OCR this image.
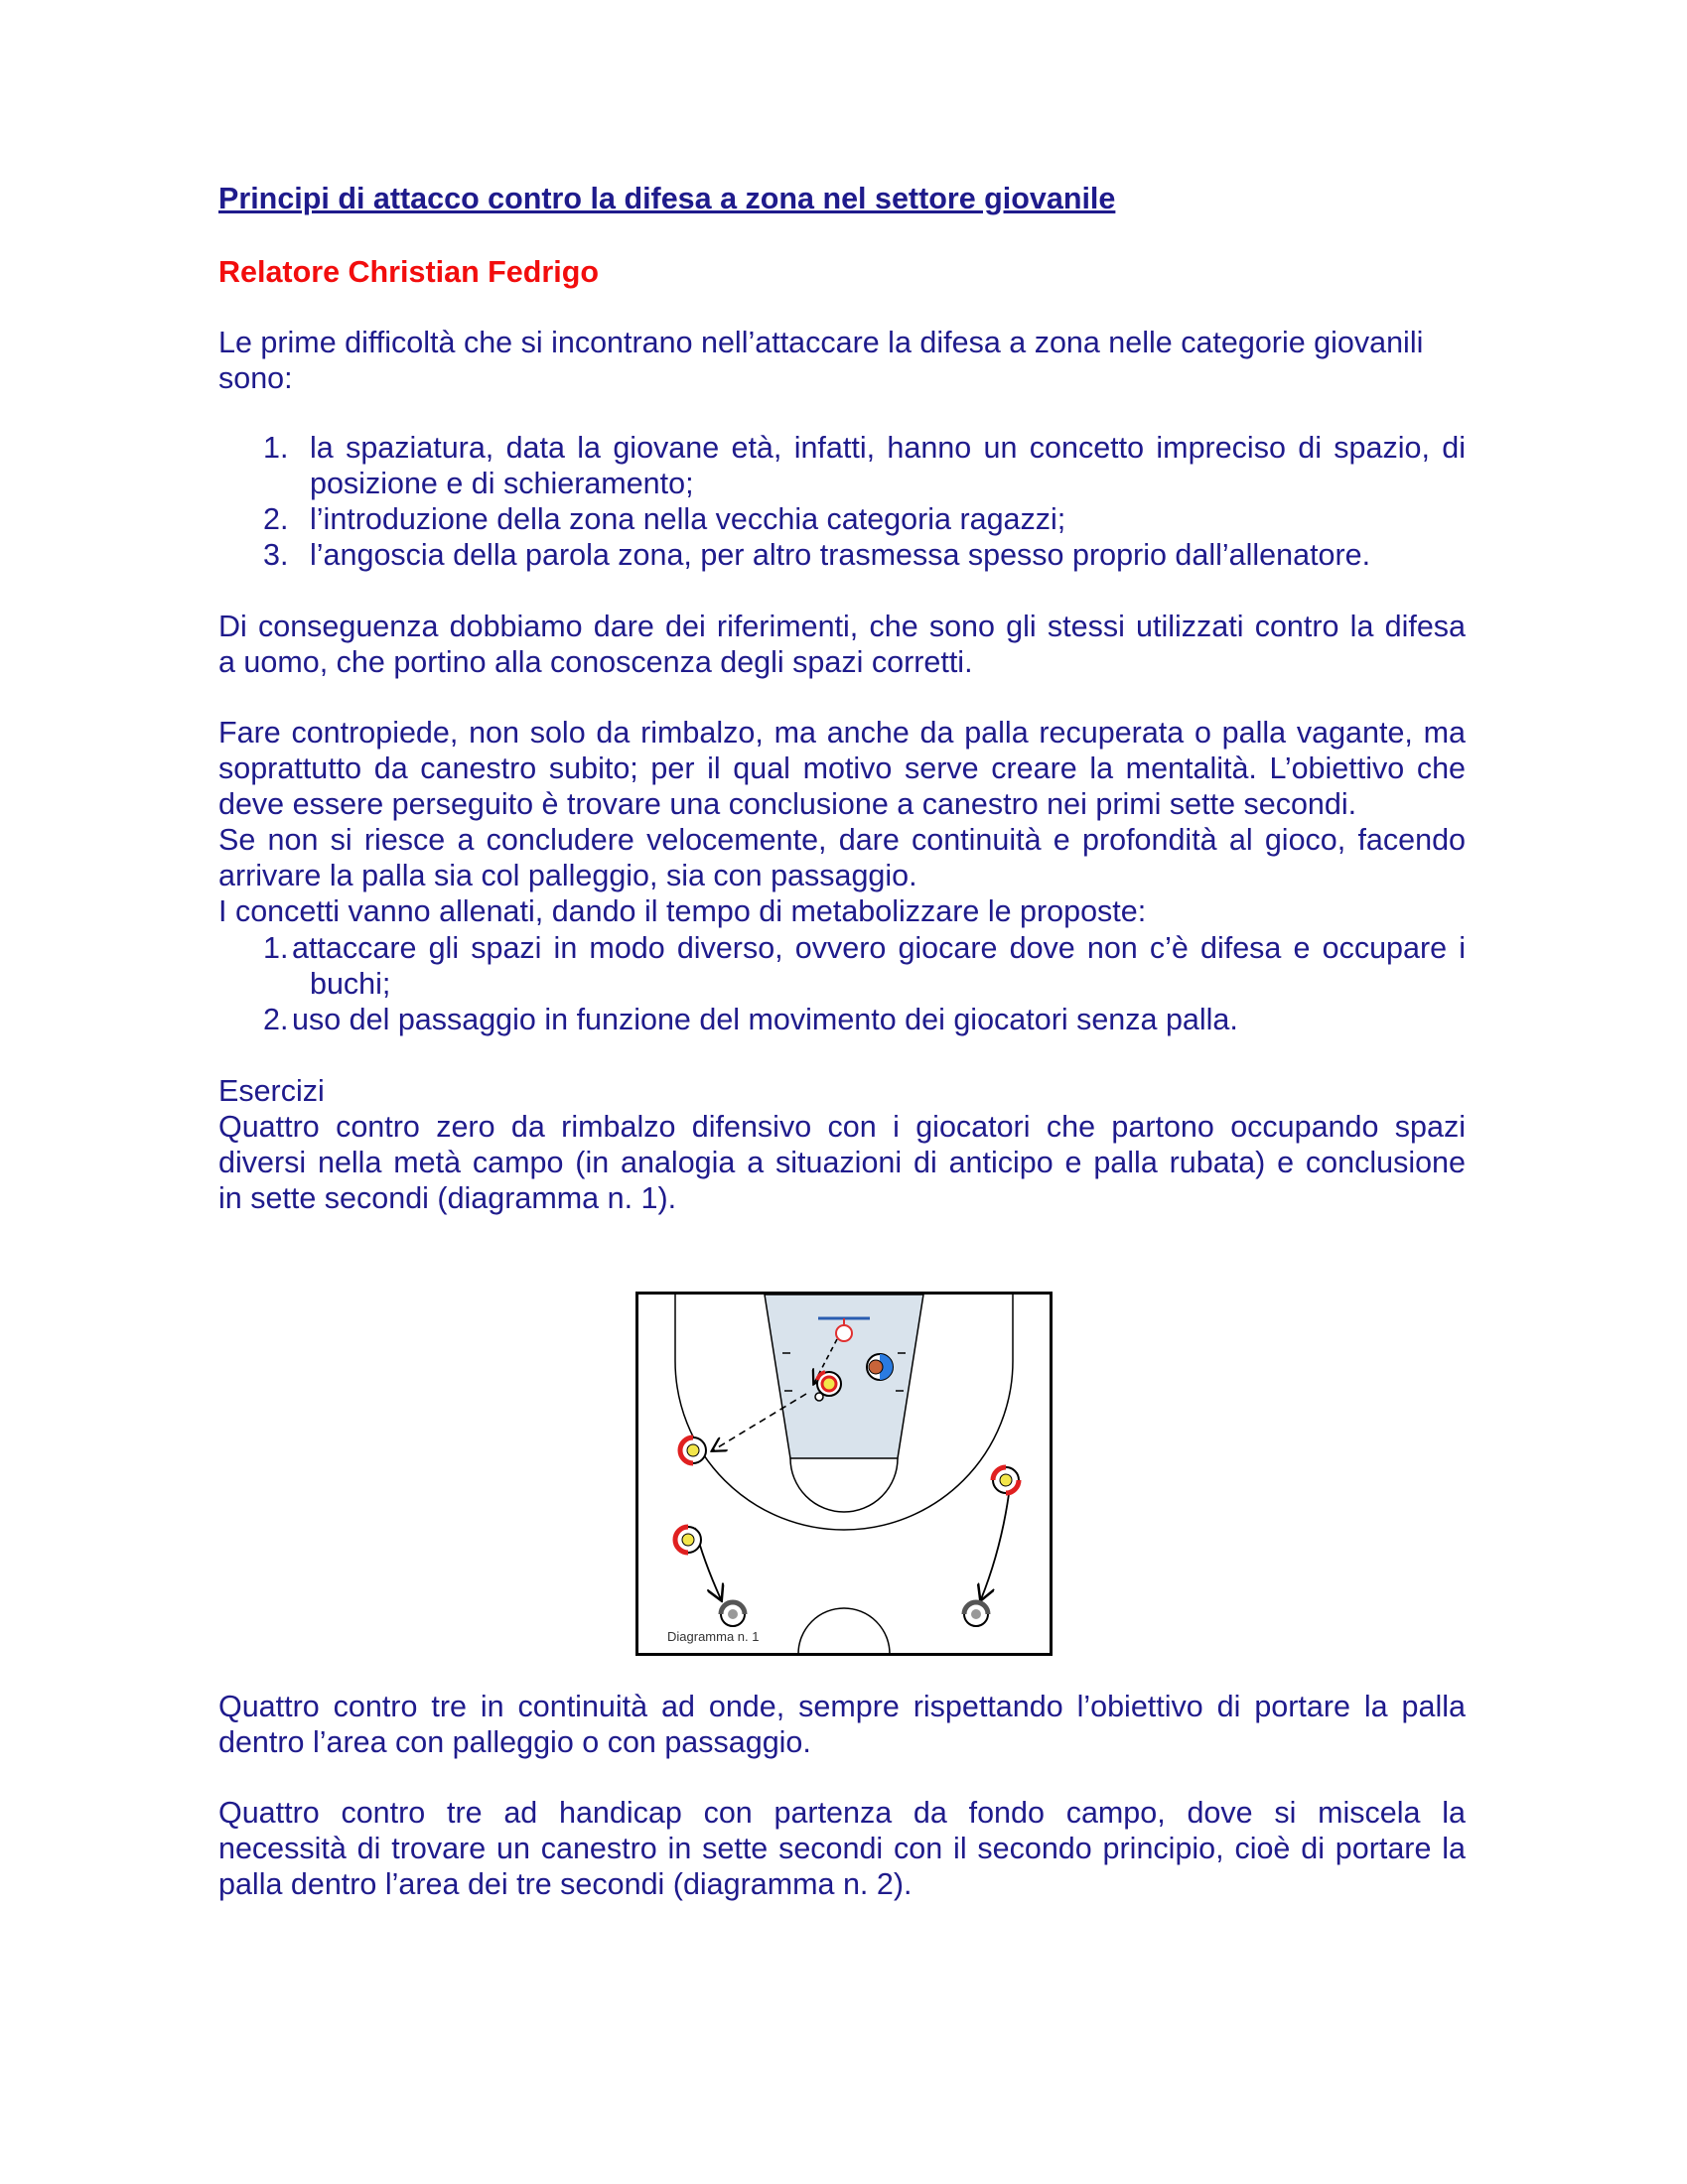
Principi di attacco contro la difesa a zona nel settore giovanile
Relatore Christian Fedrigo
Le prime difficoltà che si incontrano nell’attaccare la difesa a zona nelle categorie giovanili
sono:
1. la spaziatura, data la giovane età, infatti, hanno un concetto impreciso di spazio, di
posizione e di schieramento;
2. l’introduzione della zona nella vecchia categoria ragazzi;
3. l’angoscia della parola zona, per altro trasmessa spesso proprio dall’allenatore.
Di conseguenza dobbiamo dare dei riferimenti, che sono gli stessi utilizzati contro la difesa
a uomo, che portino alla conoscenza degli spazi corretti.
Fare contropiede, non solo da rimbalzo, ma anche da palla recuperata o palla vagante, ma
soprattutto da canestro subito; per il qual motivo serve creare la mentalità. L’obiettivo che
deve essere perseguito è trovare una conclusione a canestro nei primi sette secondi.
Se non si riesce a concludere velocemente, dare continuità e profondità al gioco, facendo
arrivare la palla sia col palleggio, sia con passaggio.
I concetti vanno allenati, dando il tempo di metabolizzare le proposte:
1. attaccare gli spazi in modo diverso, ovvero giocare dove non c’è difesa e occupare i
buchi;
2. uso del passaggio in funzione del movimento dei giocatori senza palla.
Esercizi
Quattro contro zero da rimbalzo difensivo con i giocatori che partono occupando spazi
diversi nella metà campo (in analogia a situazioni di anticipo e palla rubata) e conclusione
in sette secondi (diagramma n. 1).
Diagramma n. 1
Quattro contro tre in continuità ad onde, sempre rispettando l’obiettivo di portare la palla
dentro l’area con palleggio o con passaggio.
Quattro contro tre ad handicap con partenza da fondo campo, dove si miscela la
necessità di trovare un canestro in sette secondi con il secondo principio, cioè di portare la
palla dentro l’area dei tre secondi (diagramma n. 2).
